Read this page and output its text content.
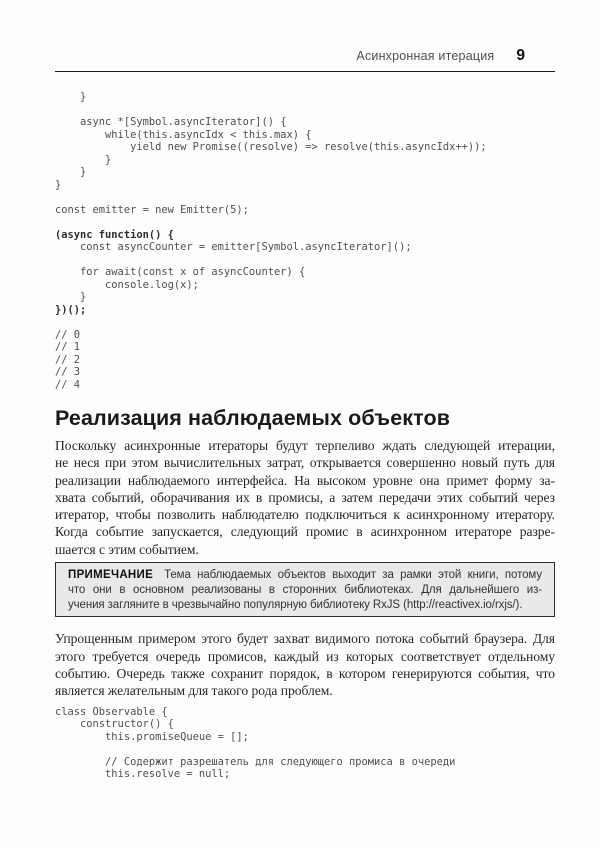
Асинхронная итерация 9
}

async *[Symbol.asyncIterator]() {
while(this.asyncIdx < this.max) {
yield new Promise((resolve) => resolve(this.asyncIdx++));
}
}
}

const emitter = new Emitter(5);

(async function() {
const asyncCounter = emitter[Symbol.asyncIterator]();

for await(const x of asyncCounter) {
console.log(x);
}
})();

// 0
// 1
// 2
// 3
// 4
Реализация наблюдаемых объектов
Поскольку асинхронные итераторы будут терпеливо ждать следующей итерации,
не неся при этом вычислительных затрат, открывается совершенно новый путь для
реализации наблюдаемого интерфейса. На высоком уровне она примет форму за-
хвата событий, оборачивания их в промисы, а затем передачи этих событий через
итератор, чтобы позволить наблюдателю подключиться к асинхронному итератору.
Когда событие запускается, следующий промис в асинхронном итераторе разре-
шается с этим событием.
ПРИМЕЧАНИЕ Тема наблюдаемых объектов выходит за рамки этой книги, потому
что они в основном реализованы в сторонних библиотеках. Для дальнейшего из-
учения загляните в чрезвычайно популярную библиотеку RxJS (http://reactivex.io/rxjs/).
Упрощенным примером этого будет захват видимого потока событий браузера. Для
этого требуется очередь промисов, каждый из которых соответствует отдельному
событию. Очередь также сохранит порядок, в котором генерируются события, что
является желательным для такого рода проблем.
class Observable {
constructor() {
this.promiseQueue = [];

// Содержит разрешатель для следующего промиса в очереди
this.resolve = null;
